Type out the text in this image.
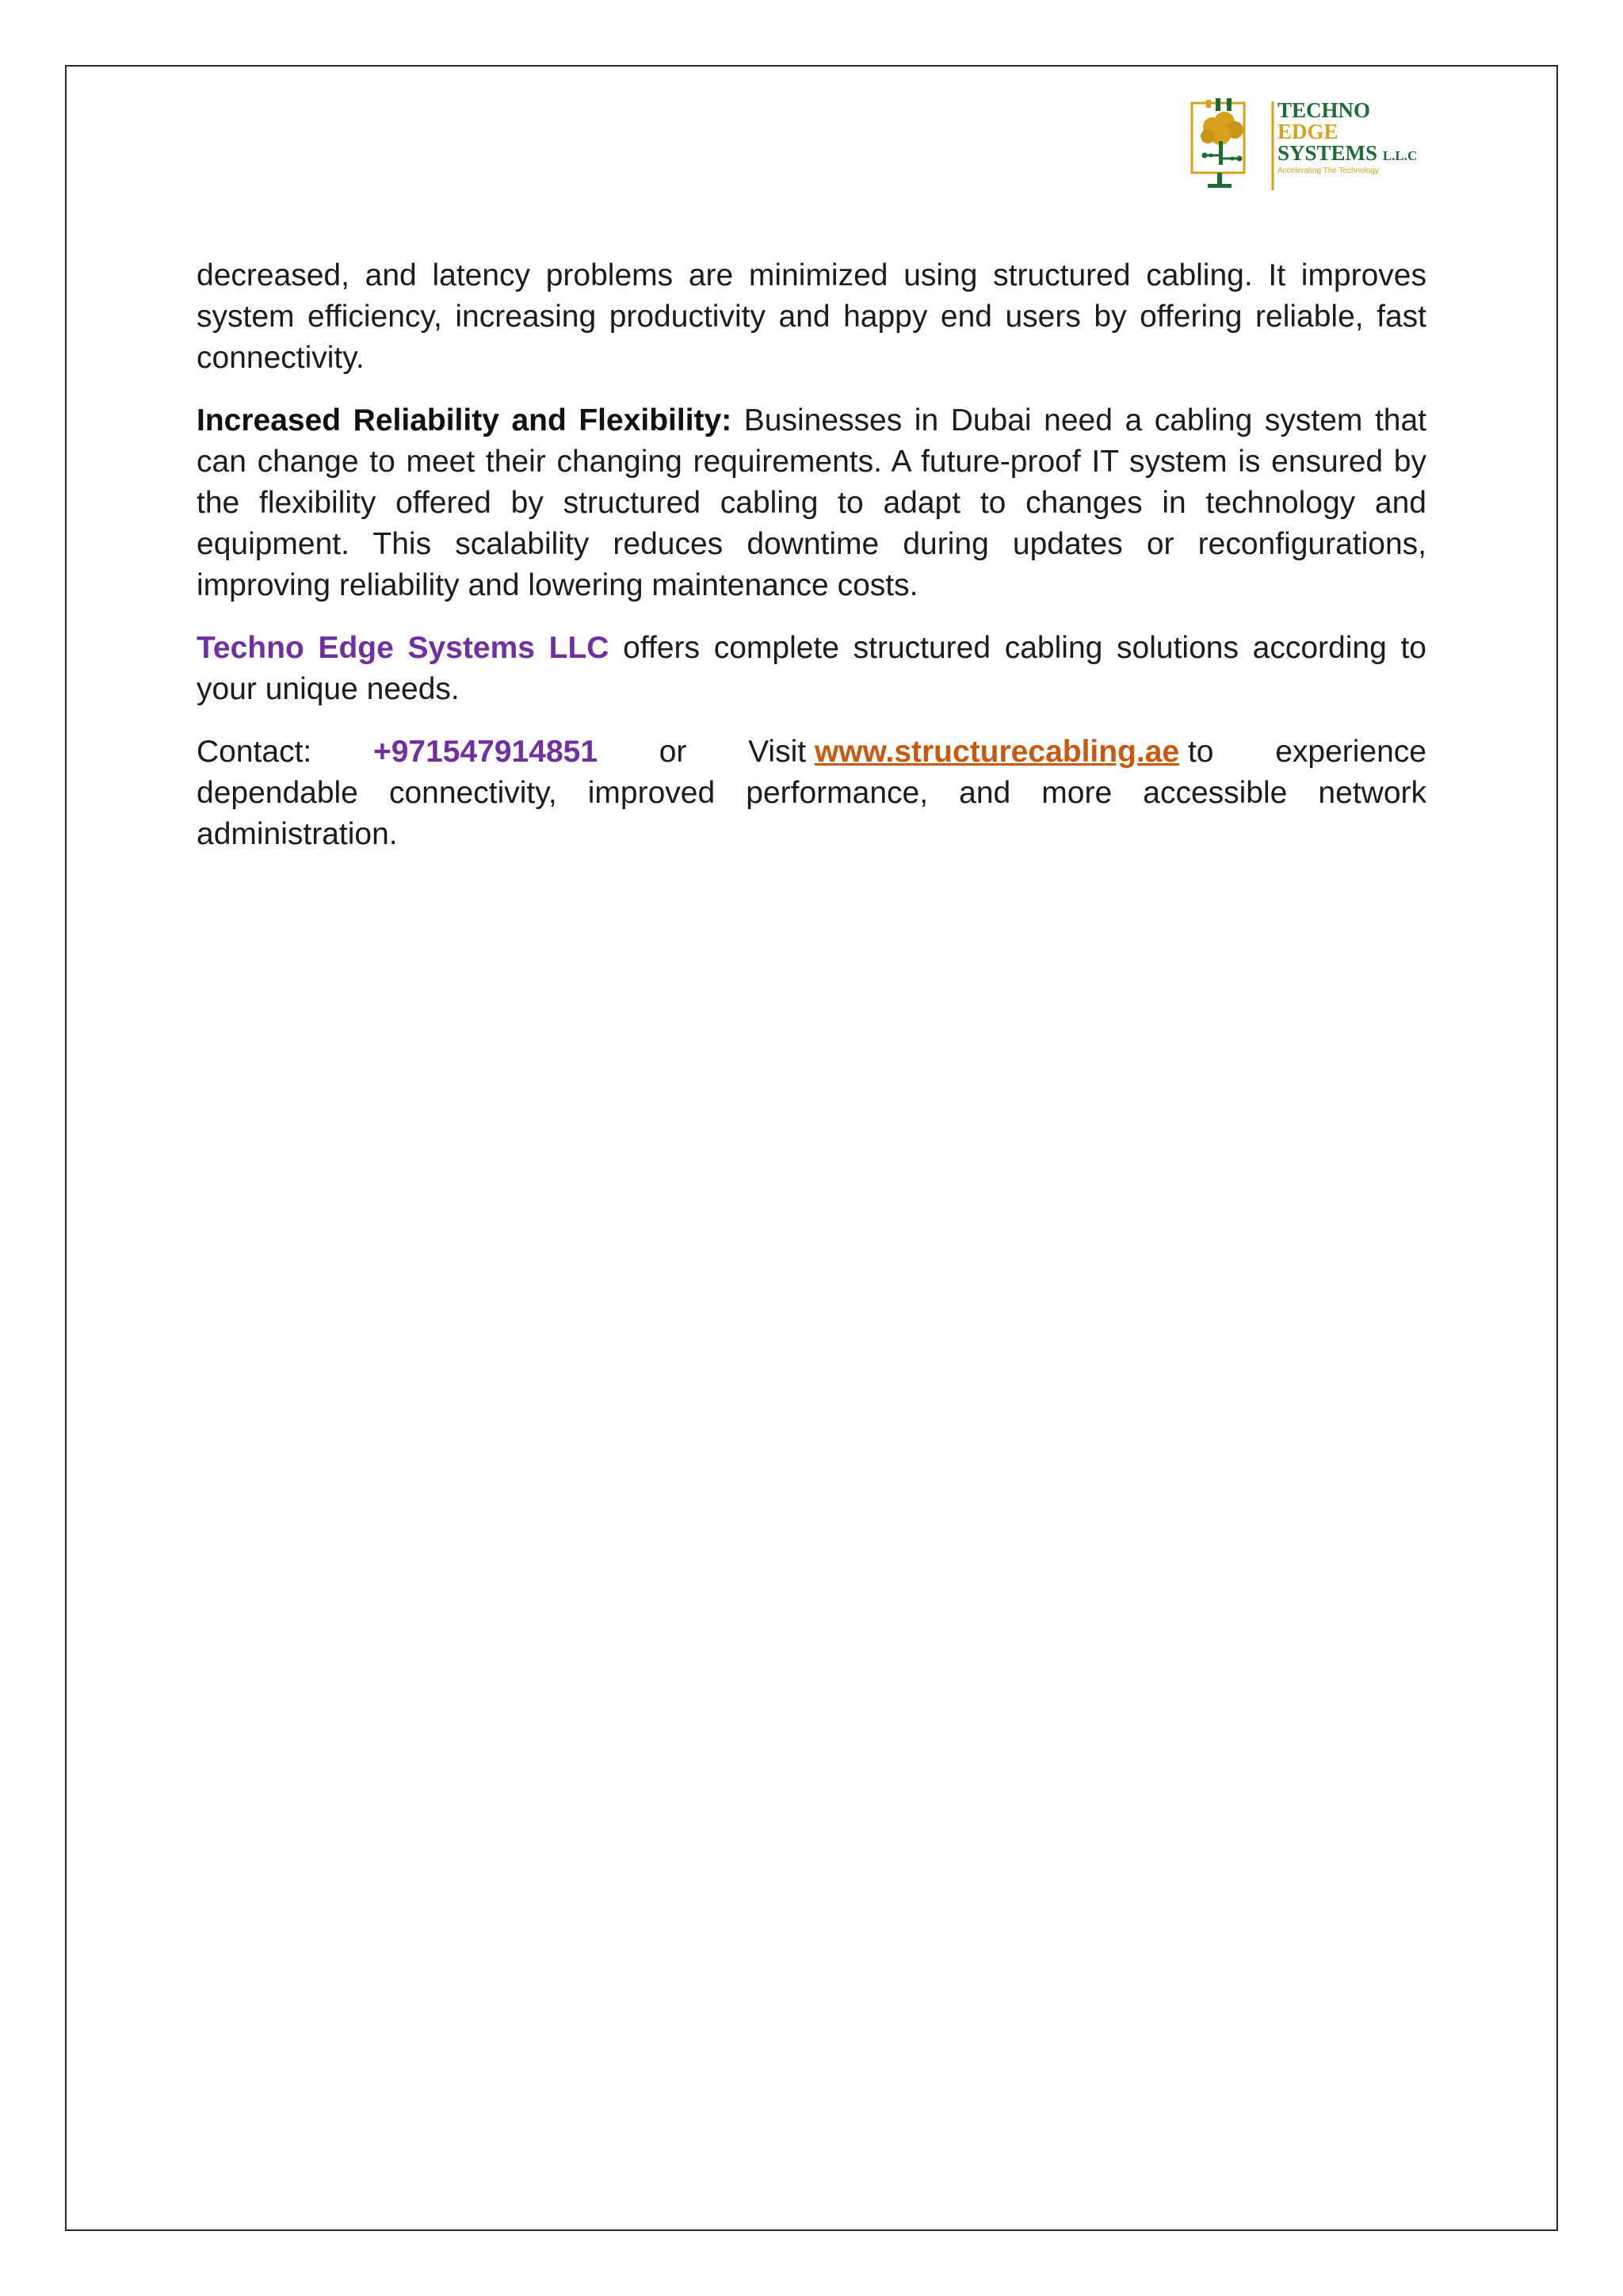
TECHNO
EDGE
SYSTEMS L.L.C
Accelerating The Technology

decreased, and latency problems are minimized using structured cabling. It improves system efficiency, increasing productivity and happy end users by offering reliable, fast connectivity.

Increased Reliability and Flexibility: Businesses in Dubai need a cabling system that can change to meet their changing requirements. A future-proof IT system is ensured by the flexibility offered by structured cabling to adapt to changes in technology and equipment. This scalability reduces downtime during updates or reconfigurations, improving reliability and lowering maintenance costs.

Techno Edge Systems LLC offers complete structured cabling solutions according to your unique needs.

Contact: +971547914851 or Visit www.structurecabling.ae to experience
dependable connectivity, improved performance, and more accessible network administration.
